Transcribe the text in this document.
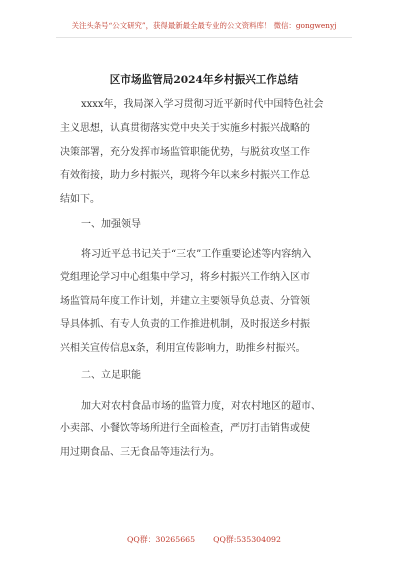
关注头条号“公文研究”，获得最新最全最专业的公文资料库！ 微信：gongwenyj
区市场监管局2024年乡村振兴工作总结
xxxx年，我局深入学习贯彻习近平新时代中国特色社会
主义思想，认真贯彻落实党中央关于实施乡村振兴战略的
决策部署，充分发挥市场监管职能优势，与脱贫攻坚工作
有效衔接，助力乡村振兴，现将今年以来乡村振兴工作总
结如下。
一、加强领导
将习近平总书记关于“三农”工作重要论述等内容纳入
党组理论学习中心组集中学习，将乡村振兴工作纳入区市
场监管局年度工作计划，并建立主要领导负总责、分管领
导具体抓、有专人负责的工作推进机制，及时报送乡村振
兴相关宣传信息x条，利用宣传影响力，助推乡村振兴。
二、立足职能
加大对农村食品市场的监管力度，对农村地区的超市、
小卖部、小餐饮等场所进行全面检查，严厉打击销售或使
用过期食品、三无食品等违法行为。
QQ群：30265665 QQ群:535304092
